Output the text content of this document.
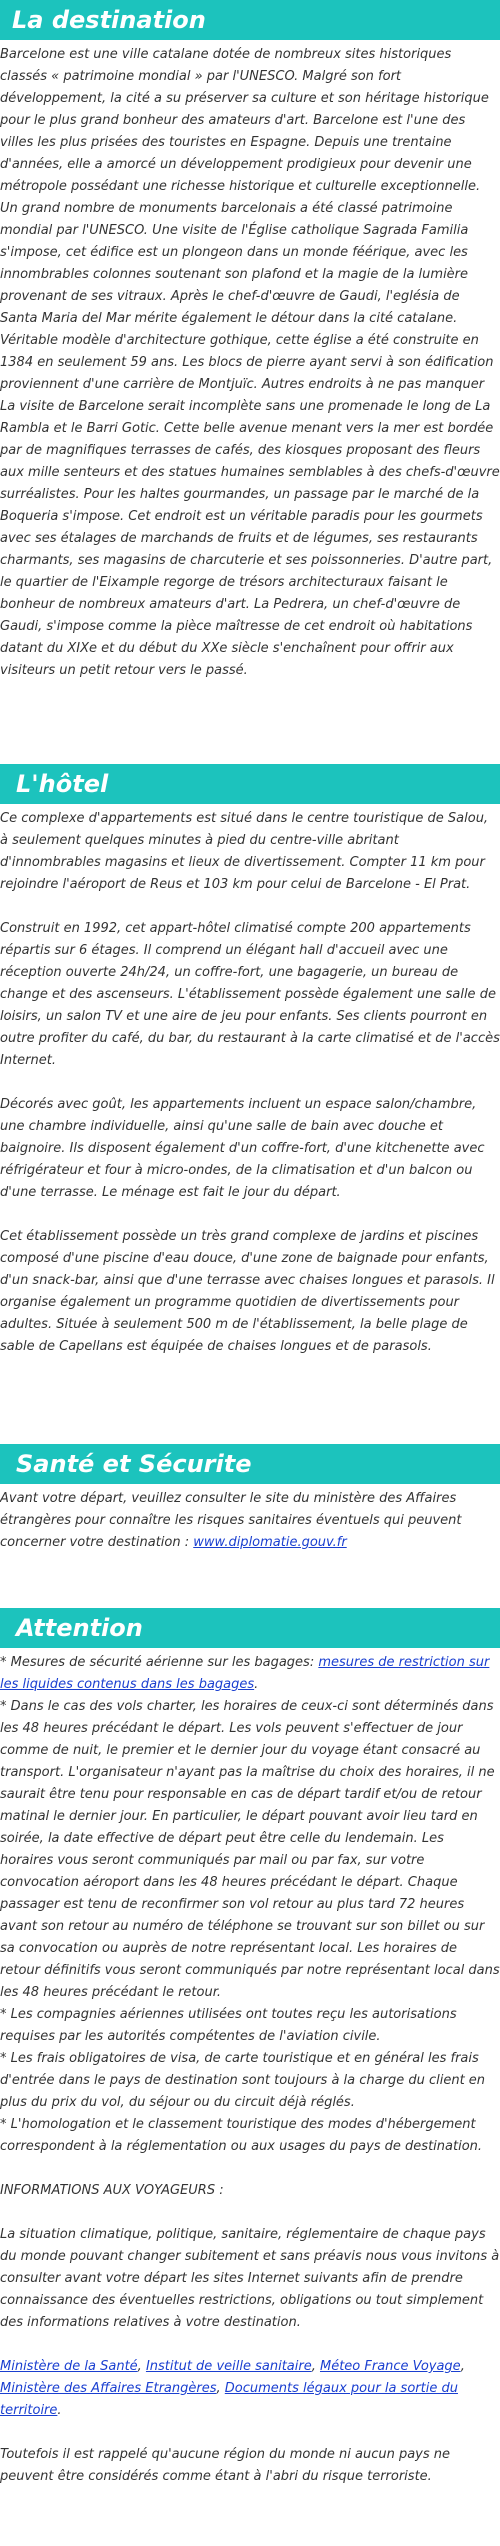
La destination

Barcelone est une ville catalane dotée de nombreux sites historiques classés « patrimoine mondial » par l'UNESCO. Malgré son fort développement, la cité a su préserver sa culture et son héritage historique pour le plus grand bonheur des amateurs d'art. Barcelone est l'une des villes les plus prisées des touristes en Espagne. Depuis une trentaine d'années, elle a amorcé un développement prodigieux pour devenir une métropole possédant une richesse historique et culturelle exceptionnelle. Un grand nombre de monuments barcelonais a été classé patrimoine mondial par l'UNESCO. Une visite de l'Église catholique Sagrada Familia s'impose, cet édifice est un plongeon dans un monde féérique, avec les innombrables colonnes soutenant son plafond et la magie de la lumière provenant de ses vitraux. Après le chef-d'œuvre de Gaudi, l'eglésia de Santa Maria del Mar mérite également le détour dans la cité catalane. Véritable modèle d'architecture gothique, cette église a été construite en 1384 en seulement 59 ans. Les blocs de pierre ayant servi à son édification proviennent d'une carrière de Montjuïc. Autres endroits à ne pas manquer

La visite de Barcelone serait incomplète sans une promenade le long de La Rambla et le Barri Gotic. Cette belle avenue menant vers la mer est bordée par de magnifiques terrasses de cafés, des kiosques proposant des fleurs aux mille senteurs et des statues humaines semblables à des chefs-d'œuvre surréalistes. Pour les haltes gourmandes, un passage par le marché de la Boqueria s'impose. Cet endroit est un véritable paradis pour les gourmets avec ses étalages de marchands de fruits et de légumes, ses restaurants charmants, ses magasins de charcuterie et ses poissonneries. D'autre part, le quartier de l'Eixample regorge de trésors architecturaux faisant le bonheur de nombreux amateurs d'art. La Pedrera, un chef-d'œuvre de Gaudi, s'impose comme la pièce maîtresse de cet endroit où habitations datant du XIXe et du début du XXe siècle s'enchaînent pour offrir aux visiteurs un petit retour vers le passé.

L'hôtel

Ce complexe d'appartements est situé dans le centre touristique de Salou, à seulement quelques minutes à pied du centre-ville abritant d'innombrables magasins et lieux de divertissement. Compter 11 km pour rejoindre l'aéroport de Reus et 103 km pour celui de Barcelone - El Prat.

Construit en 1992, cet appart-hôtel climatisé compte 200 appartements répartis sur 6 étages. Il comprend un élégant hall d'accueil avec une réception ouverte 24h/24, un coffre-fort, une bagagerie, un bureau de change et des ascenseurs. L'établissement possède également une salle de loisirs, un salon TV et une aire de jeu pour enfants. Ses clients pourront en outre profiter du café, du bar, du restaurant à la carte climatisé et de l'accès Internet.

Décorés avec goût, les appartements incluent un espace salon/chambre, une chambre individuelle, ainsi qu'une salle de bain avec douche et baignoire. Ils disposent également d'un coffre-fort, d'une kitchenette avec réfrigérateur et four à micro-ondes, de la climatisation et d'un balcon ou d'une terrasse. Le ménage est fait le jour du départ.

Cet établissement possède un très grand complexe de jardins et piscines composé d'une piscine d'eau douce, d'une zone de baignade pour enfants, d'un snack-bar, ainsi que d'une terrasse avec chaises longues et parasols. Il organise également un programme quotidien de divertissements pour adultes. Située à seulement 500 m de l'établissement, la belle plage de sable de Capellans est équipée de chaises longues et de parasols.

Santé et Sécurite

Avant votre départ, veuillez consulter le site du ministère des Affaires étrangères pour connaître les risques sanitaires éventuels qui peuvent concerner votre destination : www.diplomatie.gouv.fr

Attention

* Mesures de sécurité aérienne sur les bagages: mesures de restriction sur les liquides contenus dans les bagages.

* Dans le cas des vols charter, les horaires de ceux-ci sont déterminés dans les 48 heures précédant le départ. Les vols peuvent s'effectuer de jour comme de nuit, le premier et le dernier jour du voyage étant consacré au transport. L'organisateur n'ayant pas la maîtrise du choix des horaires, il ne saurait être tenu pour responsable en cas de départ tardif et/ou de retour matinal le dernier jour. En particulier, le départ pouvant avoir lieu tard en soirée, la date effective de départ peut être celle du lendemain. Les horaires vous seront communiqués par mail ou par fax, sur votre convocation aéroport dans les 48 heures précédant le départ. Chaque passager est tenu de reconfirmer son vol retour au plus tard 72 heures avant son retour au numéro de téléphone se trouvant sur son billet ou sur sa convocation ou auprès de notre représentant local. Les horaires de retour définitifs vous seront communiqués par notre représentant local dans les 48 heures précédant le retour.

* Les compagnies aériennes utilisées ont toutes reçu les autorisations requises par les autorités compétentes de l'aviation civile.

* Les frais obligatoires de visa, de carte touristique et en général les frais d'entrée dans le pays de destination sont toujours à la charge du client en plus du prix du vol, du séjour ou du circuit déjà réglés.

* L'homologation et le classement touristique des modes d'hébergement correspondent à la réglementation ou aux usages du pays de destination.

INFORMATIONS AUX VOYAGEURS :

La situation climatique, politique, sanitaire, réglementaire de chaque pays du monde pouvant changer subitement et sans préavis nous vous invitons à consulter avant votre départ les sites Internet suivants afin de prendre connaissance des éventuelles restrictions, obligations ou tout simplement des informations relatives à votre destination.

Ministère de la Santé, Institut de veille sanitaire, Méteo France Voyage, Ministère des Affaires Etrangères, Documents légaux pour la sortie du territoire.

Toutefois il est rappelé qu'aucune région du monde ni aucun pays ne peuvent être considérés comme étant à l'abri du risque terroriste.
